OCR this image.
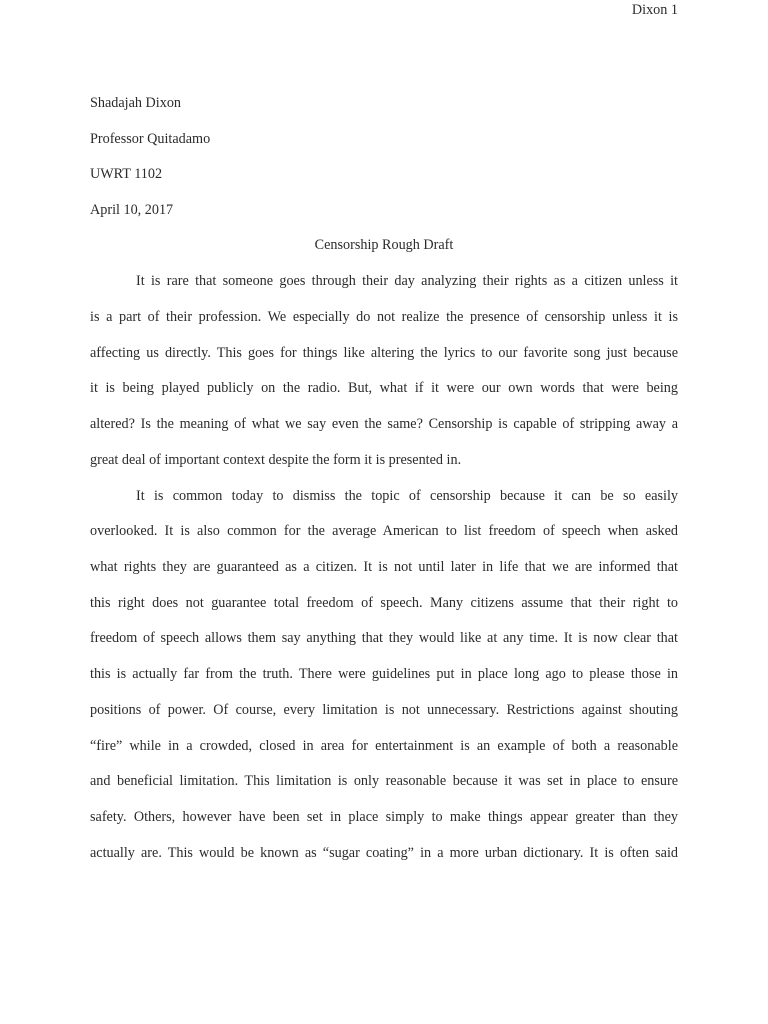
Dixon 1
Shadajah Dixon
Professor Quitadamo
UWRT 1102
April 10, 2017
Censorship Rough Draft
It is rare that someone goes through their day analyzing their rights as a citizen unless it
is a part of their profession. We especially do not realize the presence of censorship unless it is
affecting us directly. This goes for things like altering the lyrics to our favorite song just because
it is being played publicly on the radio. But, what if it were our own words that were being
altered? Is the meaning of what we say even the same? Censorship is capable of stripping away a
great deal of important context despite the form it is presented in.
It is common today to dismiss the topic of censorship because it can be so easily
overlooked. It is also common for the average American to list freedom of speech when asked
what rights they are guaranteed as a citizen. It is not until later in life that we are informed that
this right does not guarantee total freedom of speech. Many citizens assume that their right to
freedom of speech allows them say anything that they would like at any time. It is now clear that
this is actually far from the truth. There were guidelines put in place long ago to please those in
positions of power. Of course, every limitation is not unnecessary. Restrictions against shouting
“fire” while in a crowded, closed in area for entertainment is an example of both a reasonable
and beneficial limitation. This limitation is only reasonable because it was set in place to ensure
safety. Others, however have been set in place simply to make things appear greater than they
actually are. This would be known as “sugar coating” in a more urban dictionary. It is often said
